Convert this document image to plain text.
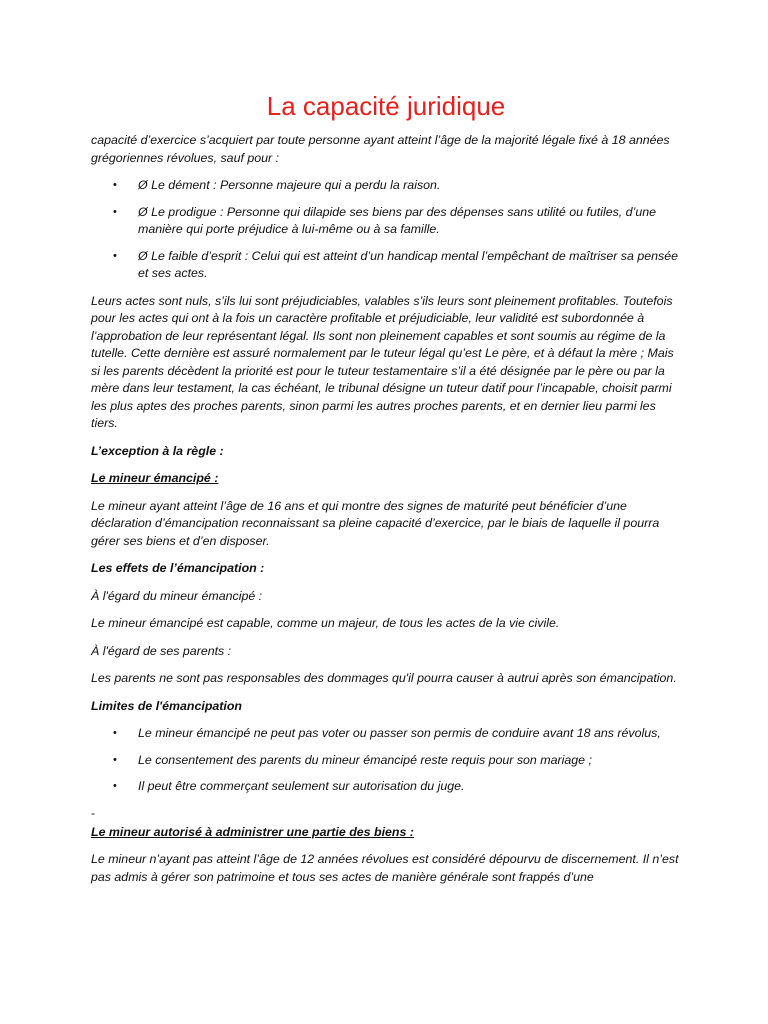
La capacité juridique

capacité d’exercice s’acquiert par toute personne ayant atteint l’âge de la majorité légale fixé à 18 années grégoriennes révolues, sauf pour :

• Ø Le dément : Personne majeure qui a perdu la raison.
• Ø Le prodigue : Personne qui dilapide ses biens par des dépenses sans utilité ou futiles, d’une manière qui porte préjudice à lui-même ou à sa famille.
• Ø Le faible d’esprit : Celui qui est atteint d’un handicap mental l’empêchant de maîtriser sa pensée et ses actes.

Leurs actes sont nuls, s’ils lui sont préjudiciables, valables s’ils leurs sont pleinement profitables. Toutefois pour les actes qui ont à la fois un caractère profitable et préjudiciable, leur validité est subordonnée à l’approbation de leur représentant légal. Ils sont non pleinement capables et sont soumis au régime de la tutelle. Cette dernière est assuré normalement par le tuteur légal qu’est Le père, et à défaut la mère ; Mais si les parents décèdent la priorité est pour le tuteur testamentaire s’il a été désignée par le père ou par la mère dans leur testament, la cas échéant, le tribunal désigne un tuteur datif pour l’incapable, choisit parmi les plus aptes des proches parents, sinon parmi les autres proches parents, et en dernier lieu parmi les tiers.

L’exception à la règle :

Le mineur émancipé :

Le mineur ayant atteint l’âge de 16 ans et qui montre des signes de maturité peut bénéficier d’une déclaration d’émancipation reconnaissant sa pleine capacité d’exercice, par le biais de laquelle il pourra gérer ses biens et d’en disposer.

Les effets de l’émancipation :

À l'égard du mineur émancipé :

Le mineur émancipé est capable, comme un majeur, de tous les actes de la vie civile.

À l'égard de ses parents :

Les parents ne sont pas responsables des dommages qu'il pourra causer à autrui après son émancipation.

Limites de l'émancipation

• Le mineur émancipé ne peut pas voter ou passer son permis de conduire avant 18 ans révolus,
• Le consentement des parents du mineur émancipé reste requis pour son mariage ;
• Il peut être commerçant seulement sur autorisation du juge.

-

Le mineur autorisé à administrer une partie des biens :

Le mineur n’ayant pas atteint l’âge de 12 années révolues est considéré dépourvu de discernement. Il n’est pas admis à gérer son patrimoine et tous ses actes de manière générale sont frappés d’une
